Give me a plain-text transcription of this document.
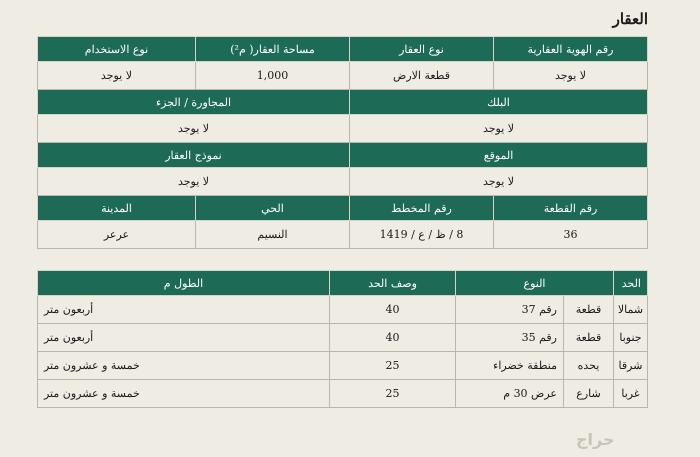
العقار
رقم الهوية العقارية	نوع العقار	مساحة العقار( م²)	نوع الاستخدام
لا يوجد	قطعة الارض	1,000	لا يوجد
البلك		المجاورة / الجزء	
لا يوجد		لا يوجد	
الموقع		نموذج العقار	
لا يوجد		لا يوجد	
رقم القطعة	رقم المخطط	الحي	المدينة
36	8 / ظ / ع / 1419	النسيم	عرعر
الحد	النوع		وصف الحد	الطول م
شمالا	قطعة	رقم 37	40	أربعون متر
جنوبا	قطعة	رقم 35	40	أربعون متر
شرقا	يحده	منطقة خضراء	25	خمسة و عشرون متر
غربا	شارع	عرض 30 م	25	خمسة و عشرون متر
حراج
